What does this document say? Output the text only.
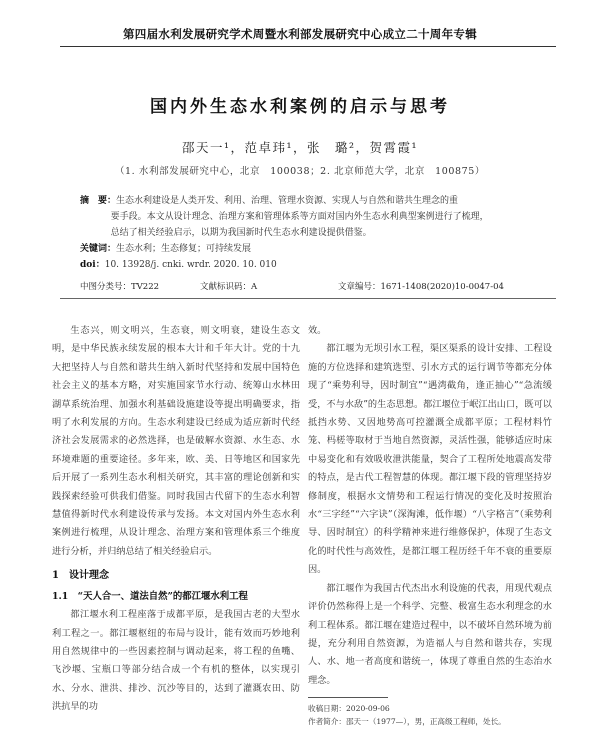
第四届水利发展研究学术周暨水利部发展研究中心成立二十周年专辑
国内外生态水利案例的启示与思考
邵天一¹，范卓玮¹，张　璐²，贺霄霞¹
（1. 水利部发展研究中心，北京　100038；2. 北京师范大学，北京　100875）
摘　要：生态水利建设是人类开发、利用、治理、管理水资源、实现人与自然和谐共生理念的重
要手段。本文从设计理念、治理方案和管理体系等方面对国内外生态水利典型案例进行了梳理，
总结了相关经验启示，以期为我国新时代生态水利建设提供借鉴。
关键词：生态水利；生态修复；可持续发展
doi：10. 13928/j. cnki. wrdr. 2020. 10. 010
中图分类号：TV222	文献标识码：A	文章编号：1671-1408(2020)10-0047-04

生态兴，则文明兴，生态衰，则文明衰，建设生态文明，是中华民族永续发展的根本大计和千年大计。党的十九大把坚持人与自然和谐共生纳入新时代坚持和发展中国特色社会主义的基本方略，对实施国家节水行动、统筹山水林田湖草系统治理、加强水利基础设施建设等提出明确要求，指明了水利发展的方向。生态水利建设已经成为适应新时代经济社会发展需求的必然选择，也是破解水资源、水生态、水环境难题的重要途径。多年来，欧、美、日等地区和国家先后开展了一系列生态水利相关研究，其丰富的理论创新和实践探索经验可供我们借鉴。同时我国古代留下的生态水利智慧值得新时代水利建设传承与发扬。本文对国内外生态水利案例进行梳理，从设计理念、治理方案和管理体系三个维度进行分析，并归纳总结了相关经验启示。

1　设计理念

1.1　“天人合一、道法自然”的都江堰水利工程

都江堰水利工程座落于成都平原，是我国古老的大型水利工程之一。都江堰枢纽的布局与设计，能有效而巧妙地利用自然规律中的一些因素控制与调动起来，将工程的鱼嘴、飞沙堰、宝瓶口等部分结合成一个有机的整体，以实现引水、分水、泄洪、排沙、沉沙等目的，达到了灌溉农田、防洪抗旱的功

效。

都江堰为无坝引水工程，渠区渠系的设计安排、工程设施的方位选择和建筑选型、引水方式的运行调节等都充分体现了“乘势利导，因时制宜”“遇湾截角，逢正抽心”“急流缓受，不与水敌”的生态思想。都江堰位于岷江出山口，既可以抵挡水势、又因地势高可控灌溉全成都平原；工程材料竹笼、杩槎等取材于当地自然资源，灵活性强，能够适应时床中易变化和有效吸收泄洪能量，契合了工程所处地震高发带的特点，是古代工程智慧的体现。都江堰下段的管理坚持岁修制度，根据水文情势和工程运行情况的变化及时按照治水“三字经”“六字诀”（深淘滩，低作堰）“八字格言”（乘势利导、因时制宜）的科学精神来进行维修保护，体现了生态文化的时代性与高效性，是都江堰工程历经千年不衰的重要原因。

都江堰作为我国古代杰出水利设施的代表，用现代观点评价仍然称得上是一个科学、完整、极富生态水利理念的水利工程体系。都江堰在建造过程中，以不破坏自然环境为前提，充分利用自然资源，为造福人与自然和谐共存，实现人、水、地一者高度和谐统一，体现了尊重自然的生态治水理念。

收稿日期：2020-09-06
作者简介：邵天一（1977—），男，正高级工程师，处长。
